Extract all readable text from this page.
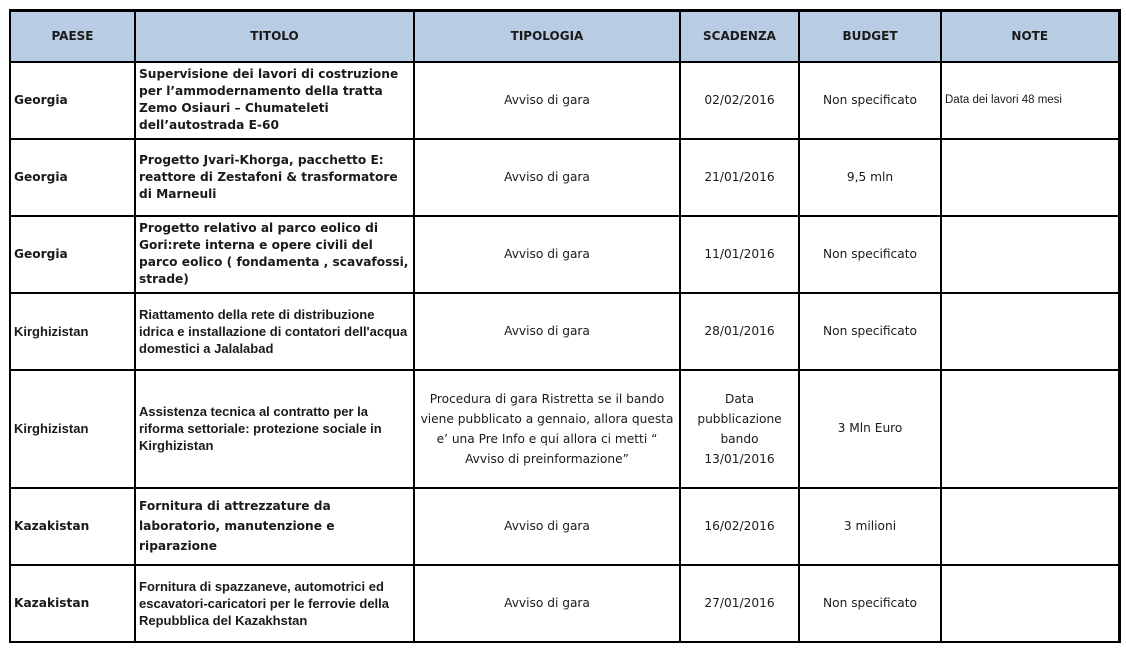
PAESE	TITOLO	TIPOLOGIA	SCADENZA	BUDGET	NOTE
Georgia	Supervisione dei lavori di costruzione per l’ammodernamento della tratta Zemo Osiauri – Chumateleti dell’autostrada E-60	Avviso di gara	02/02/2016	Non specificato	Data dei lavori 48 mesi
Georgia	Progetto Jvari-Khorga, pacchetto E: reattore di Zestafoni & trasformatore di Marneuli	Avviso di gara	21/01/2016	9,5 mln	
Georgia	Progetto relativo al parco eolico di Gori:rete interna e opere civili del parco eolico ( fondamenta , scavafossi, strade)	Avviso di gara	11/01/2016	Non specificato	
Kirghizistan	Riattamento della rete di distribuzione idrica e installazione di contatori dell'acqua domestici a Jalalabad	Avviso di gara	28/01/2016	Non specificato	
Kirghizistan	Assistenza tecnica al contratto per la riforma settoriale: protezione sociale in Kirghizistan	Procedura di gara Ristretta se il bando viene pubblicato a gennaio, allora questa e’ una Pre Info e qui allora ci metti “ Avviso di preinformazione”	Data pubblicazione bando 13/01/2016	3 Mln Euro	
Kazakistan	Fornitura di attrezzature da laboratorio, manutenzione e riparazione	Avviso di gara	16/02/2016	3 milioni	
Kazakistan	Fornitura di spazzaneve, automotrici ed escavatori-caricatori per le ferrovie della Repubblica del Kazakhstan	Avviso di gara	27/01/2016	Non specificato	
